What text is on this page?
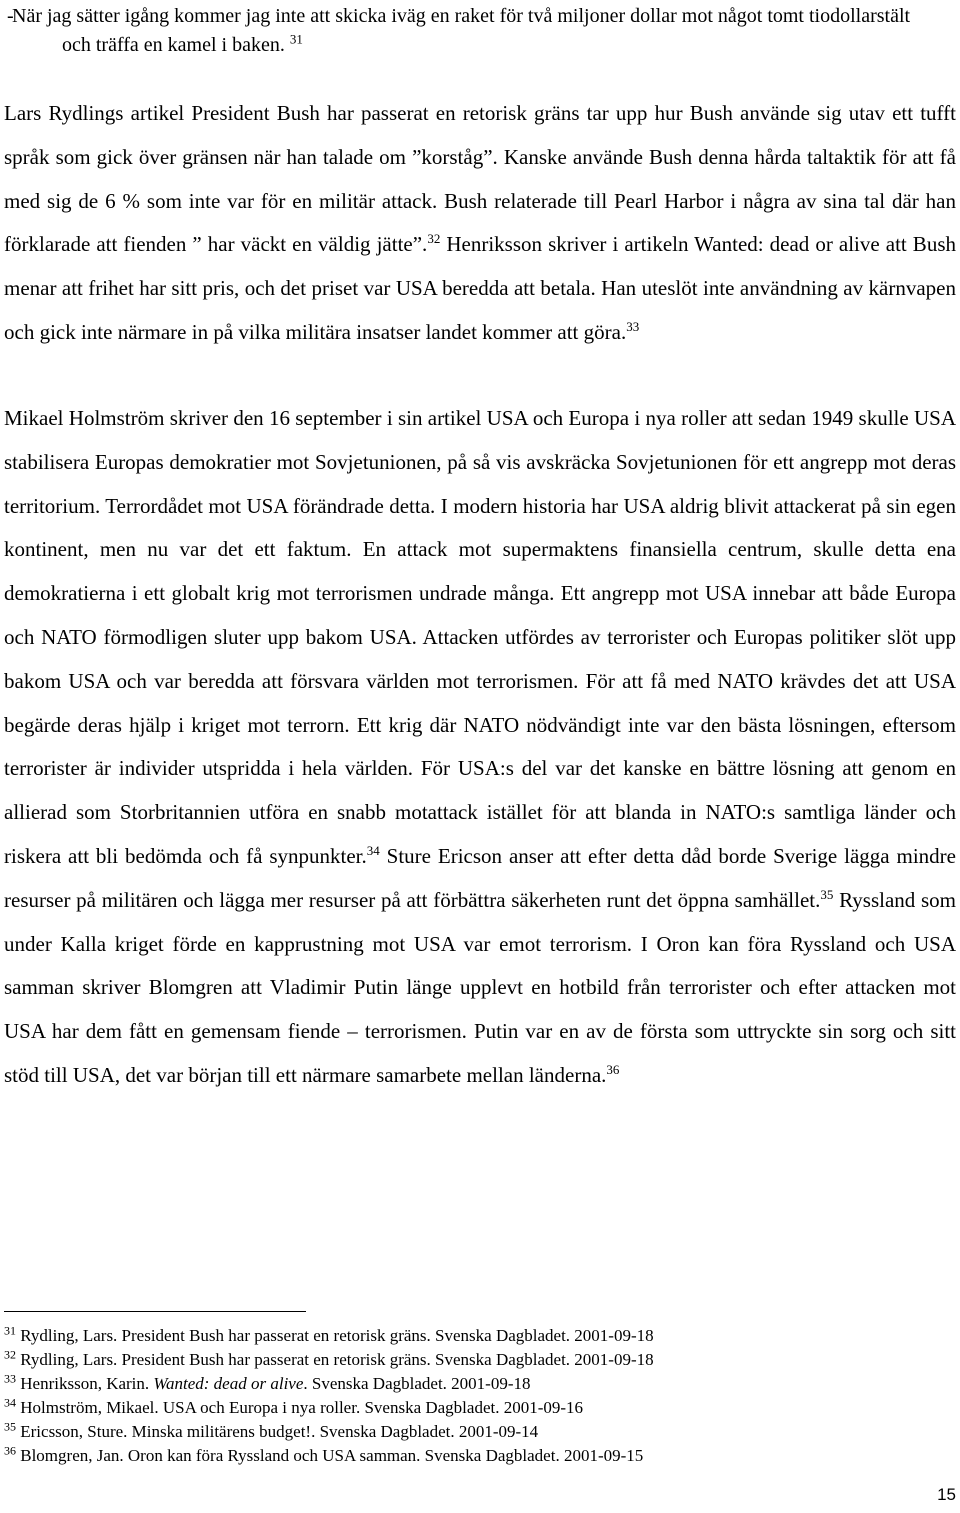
- När jag sätter igång kommer jag inte att skicka iväg en raket för två miljoner dollar mot något tomt tiodollarstält och träffa en kamel i baken. $^{31}$

Lars Rydlings artikel President Bush har passerat en retorisk gräns tar upp hur Bush använde sig utav ett tufft språk som gick över gränsen när han talade om ”korståg”. Kanske använde Bush denna hårda taltaktik för att få med sig de 6 % som inte var för en militär attack. Bush relaterade till Pearl Harbor i några av sina tal där han förklarade att fienden ” har väckt en väldig jätte”.$^{32}$ Henriksson skriver i artikeln Wanted: dead or alive att Bush menar att frihet har sitt pris, och det priset var USA beredda att betala. Han uteslöt inte användning av kärnvapen och gick inte närmare in på vilka militära insatser landet kommer att göra.$^{33}$

Mikael Holmström skriver den 16 september i sin artikel USA och Europa i nya roller att sedan 1949 skulle USA stabilisera Europas demokratier mot Sovjetunionen, på så vis avskräcka Sovjetunionen för ett angrepp mot deras territorium. Terrordådet mot USA förändrade detta. I modern historia har USA aldrig blivit attackerat på sin egen kontinent, men nu var det ett faktum. En attack mot supermaktens finansiella centrum, skulle detta ena demokratierna i ett globalt krig mot terrorismen undrade många. Ett angrepp mot USA innebar att både Europa och NATO förmodligen sluter upp bakom USA. Attacken utfördes av terrorister och Europas politiker slöt upp bakom USA och var beredda att försvara världen mot terrorismen. För att få med NATO krävdes det att USA begärde deras hjälp i kriget mot terrorn. Ett krig där NATO nödvändigt inte var den bästa lösningen, eftersom terrorister är individer utspridda i hela världen. För USA:s del var det kanske en bättre lösning att genom en allierad som Storbritannien utföra en snabb motattack istället för att blanda in NATO:s samtliga länder och riskera att bli bedömda och få synpunkter.$^{34}$ Sture Ericson anser att efter detta dåd borde Sverige lägga mindre resurser på militären och lägga mer resurser på att förbättra säkerheten runt det öppna samhället.$^{35}$ Ryssland som under Kalla kriget förde en kapprustning mot USA var emot terrorism. I Oron kan föra Ryssland och USA samman skriver Blomgren att Vladimir Putin länge upplevt en hotbild från terrorister och efter attacken mot USA har dem fått en gemensam fiende – terrorismen. Putin var en av de första som uttryckte sin sorg och sitt stöd till USA, det var början till ett närmare samarbete mellan länderna.$^{36}$

$^{31}$ Rydling, Lars. President Bush har passerat en retorisk gräns. Svenska Dagbladet. 2001-09-18
$^{32}$ Rydling, Lars. President Bush har passerat en retorisk gräns. Svenska Dagbladet. 2001-09-18
$^{33}$ Henriksson, Karin. Wanted: dead or alive. Svenska Dagbladet. 2001-09-18
$^{34}$ Holmström, Mikael. USA och Europa i nya roller. Svenska Dagbladet. 2001-09-16
$^{35}$ Ericsson, Sture. Minska militärens budget!. Svenska Dagbladet. 2001-09-14
$^{36}$ Blomgren, Jan. Oron kan föra Ryssland och USA samman. Svenska Dagbladet. 2001-09-15
15
